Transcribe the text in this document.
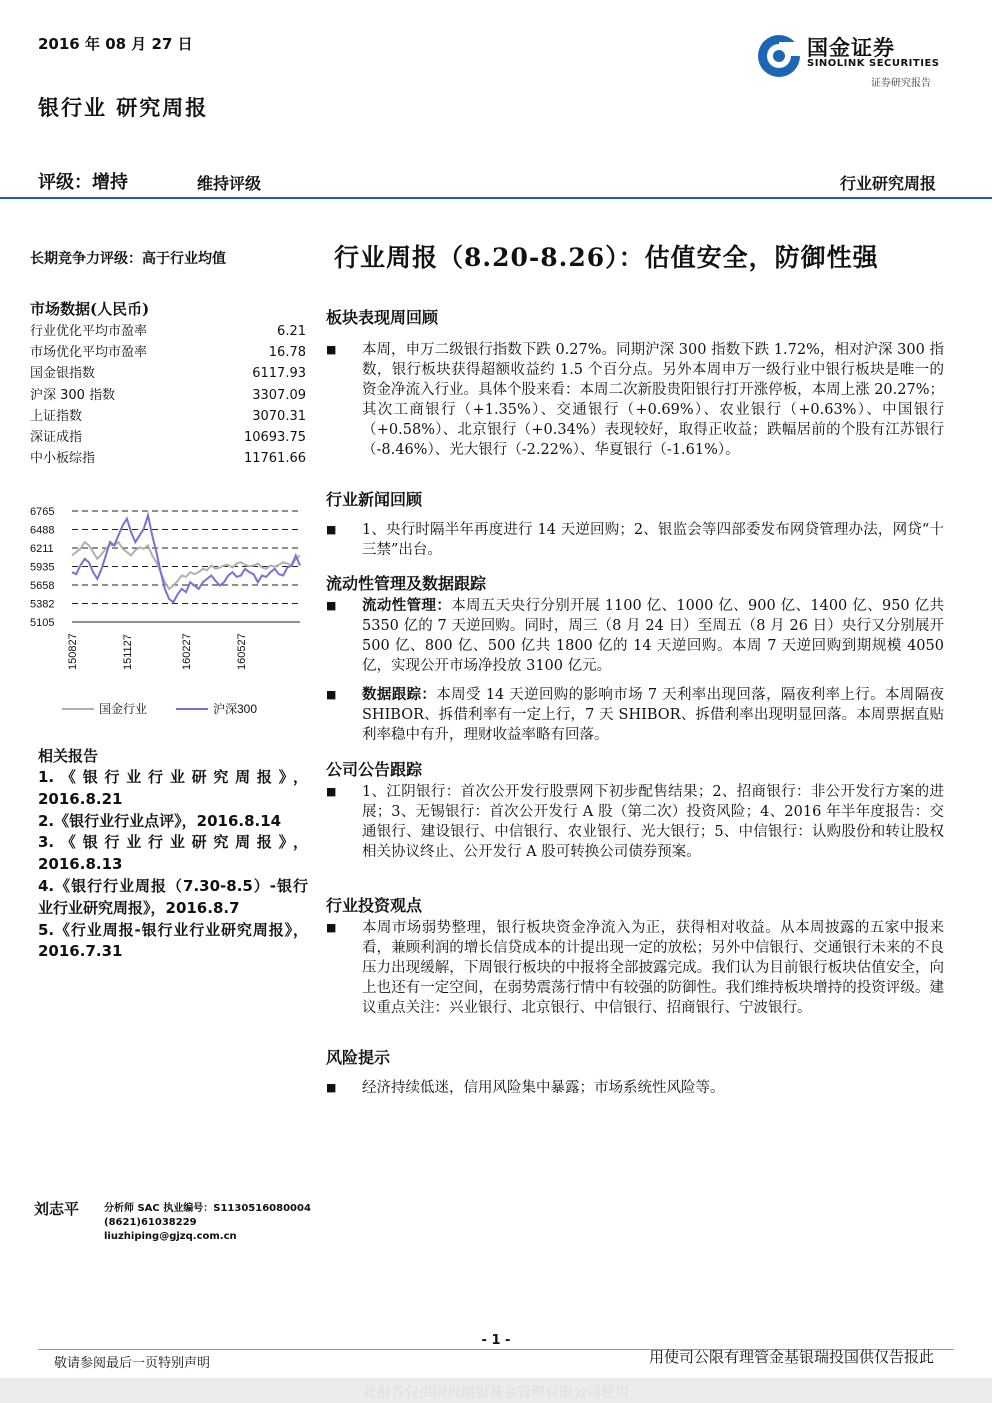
2016 年 08 月 27 日
银行业 研究周报
国金证券
SINOLINK SECURITIES
证券研究报告
评级：增持	维持评级	行业研究周报
长期竞争力评级：高于行业均值
市场数据(人民币)
行业优化平均市盈率	6.21
市场优化平均市盈率	16.78
国金银指数	6117.93
沪深 300 指数	3307.09
上证指数	3070.31
深证成指	10693.75
中小板综指	11761.66
6765
6488
6211
5935
5658
5382
5105
150827	151127	160227	160527
国金行业	沪深300
相关报告
1.《银行业行业研究周报》，2016.8.21
2.《银行业行业点评》，2016.8.14
3.《银行业行业研究周报》，2016.8.13
4.《银行行业周报（7.30-8.5）-银行业行业研究周报》，2016.8.7
5.《行业周报-银行业行业研究周报》，2016.7.31
刘志平 分析师 SAC 执业编号：S1130516080004
(8621)61038229
liuzhiping@gjzq.com.cn
行业周报（8.20-8.26）：估值安全，防御性强
板块表现周回顾
■ 本周，申万二级银行指数下跌 0.27%。同期沪深 300 指数下跌 1.72%，相对沪深 300 指数，银行板块获得超额收益约 1.5 个百分点。另外本周申万一级行业中银行板块是唯一的资金净流入行业。具体个股来看：本周二次新股贵阳银行打开涨停板，本周上涨 20.27%；其次工商银行（+1.35%）、交通银行（+0.69%）、农业银行（+0.63%）、中国银行（+0.58%）、北京银行（+0.34%）表现较好，取得正收益；跌幅居前的个股有江苏银行（-8.46%）、光大银行（-2.22%）、华夏银行（-1.61%）。
行业新闻回顾
■ 1、央行时隔半年再度进行 14 天逆回购；2、银监会等四部委发布网贷管理办法，网贷“十三禁”出台。
流动性管理及数据跟踪
■ 流动性管理：本周五天央行分别开展 1100 亿、1000 亿、900 亿、1400 亿、950 亿共 5350 亿的 7 天逆回购。同时，周三（8 月 24 日）至周五（8 月 26 日）央行又分别展开 500 亿、800 亿、500 亿共 1800 亿的 14 天逆回购。本周 7 天逆回购到期规模 4050 亿，实现公开市场净投放 3100 亿元。
■ 数据跟踪：本周受 14 天逆回购的影响市场 7 天利率出现回落，隔夜利率上行。本周隔夜 SHIBOR、拆借利率有一定上行，7 天 SHIBOR、拆借利率出现明显回落。本周票据直贴利率稳中有升，理财收益率略有回落。
公司公告跟踪
■ 1、江阴银行：首次公开发行股票网下初步配售结果；2、招商银行：非公开发行方案的进展；3、无锡银行：首次公开发行 A 股（第二次）投资风险；4、2016 年半年度报告：交通银行、建设银行、中信银行、农业银行、光大银行；5、中信银行：认购股份和转让股权相关协议终止、公开发行 A 股可转换公司债券预案。
行业投资观点
■ 本周市场弱势整理，银行板块资金净流入为正，获得相对收益。从本周披露的五家中报来看，兼顾利润的增长信贷成本的计提出现一定的放松；另外中信银行、交通银行未来的不良压力出现缓解，下周银行板块的中报将全部披露完成。我们认为目前银行板块估值安全，向上也还有一定空间，在弱势震荡行情中有较强的防御性。我们维持板块增持的投资评级。建议重点关注：兴业银行、北京银行、中信银行、招商银行、宁波银行。
风险提示
■ 经济持续低迷，信用风险集中暴露；市场系统性风险等。
- 1 -
敬请参阅最后一页特别声明	用使司公限有理管金基银瑞投国供仅告报此
此报告仅供国投瑞银基金管理有限公司使用
